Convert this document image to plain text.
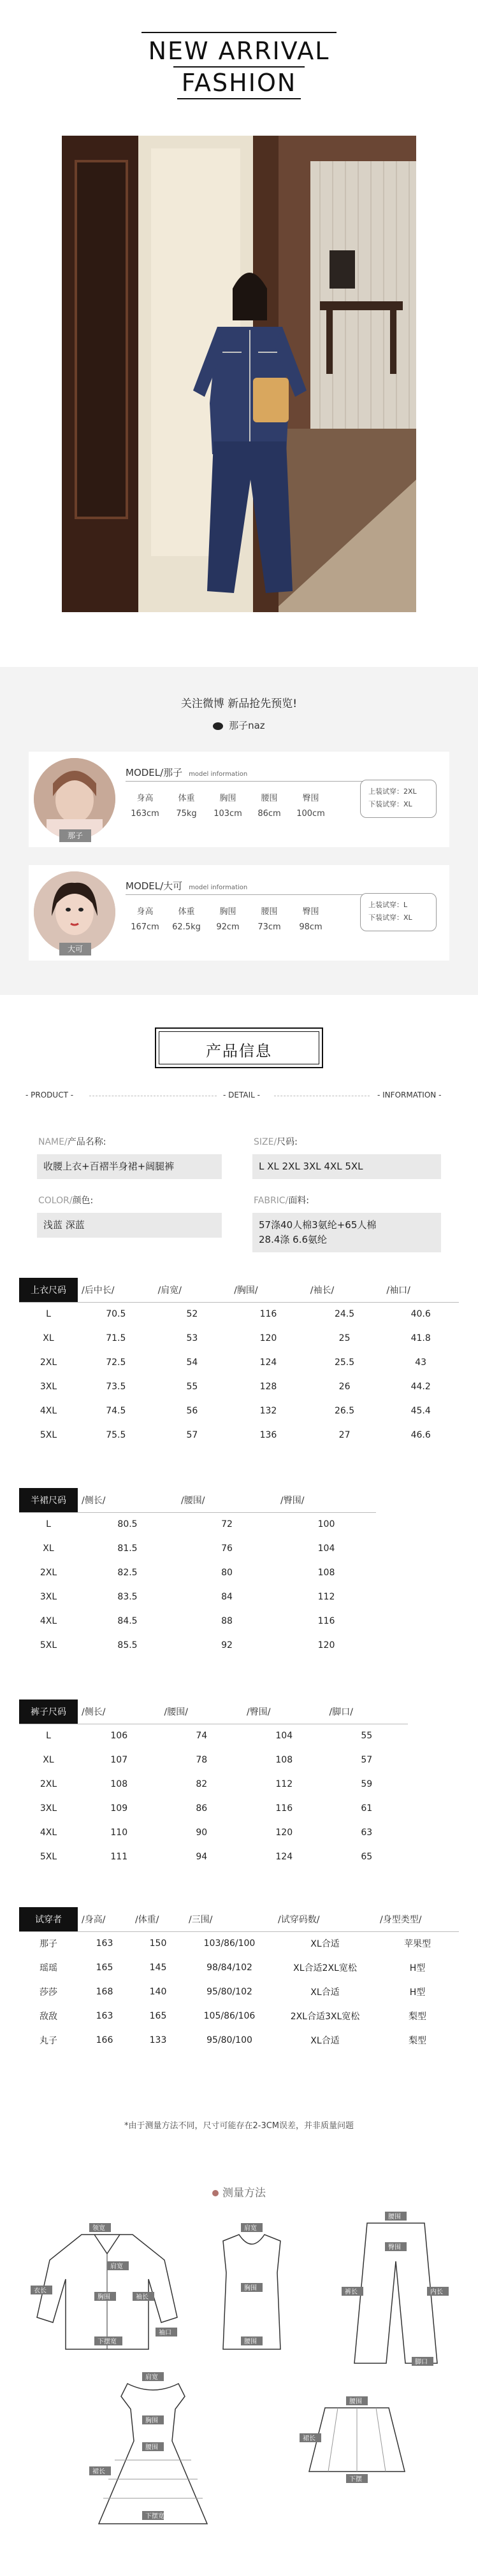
NEW ARRIVAL
FASHION
关注微博 新品抢先预览!
那子naz
那子
MODEL/那子 model information
身高
163cm
体重
75kg
胸围
103cm
腰围
86cm
臀围
100cm
上装试穿：2XL
下装试穿：XL
大可
MODEL/大可 model information
身高
167cm
体重
62.5kg
胸围
92cm
腰围
73cm
臀围
98cm
上装试穿：L
下装试穿：XL
产品信息
- PRODUCT -	- DETAIL -	- INFORMATION -
NAME/产品名称:
收腰上衣+百褶半身裙+阔腿裤
SIZE/尺码:
L XL 2XL 3XL 4XL 5XL
COLOR/颜色:
浅蓝 深蓝
FABRIC/面料:
57涤40人棉3氨纶+65人棉
28.4涤 6.6氨纶
上衣尺码	/后中长/	/肩宽/	/胸围/	/袖长/	/袖口/
L	70.5	52	116	24.5	40.6
XL	71.5	53	120	25	41.8
2XL	72.5	54	124	25.5	43
3XL	73.5	55	128	26	44.2
4XL	74.5	56	132	26.5	45.4
5XL	75.5	57	136	27	46.6
半裙尺码	/侧长/	/腰围/	/臀围/
L	80.5	72	100
XL	81.5	76	104
2XL	82.5	80	108
3XL	83.5	84	112
4XL	84.5	88	116
5XL	85.5	92	120
裤子尺码	/侧长/	/腰围/	/臀围/	/脚口/
L	106	74	104	55
XL	107	78	108	57
2XL	108	82	112	59
3XL	109	86	116	61
4XL	110	90	120	63
5XL	111	94	124	65
试穿者	/身高/	/体重/	/三围/	/试穿码数/	/身型类型/
那子	163	150	103/86/100	XL合适	苹果型
瑶瑶	165	145	98/84/102	XL合适2XL宽松	H型
莎莎	168	140	95/80/102	XL合适	H型
敌敌	163	165	105/86/106	2XL合适3XL宽松	梨型
丸子	166	133	95/80/100	XL合适	梨型
*由于测量方法不同，尺寸可能存在2-3CM误差，并非质量问题
测量方法
领宽
肩宽
胸围	袖长
袖口
衣长
下摆宽
肩宽
胸围
腰围
腰围
臀围
裤长	内长
脚口
肩宽
胸围
腰围
裙长
下摆宽
腰围
裙长
下摆
